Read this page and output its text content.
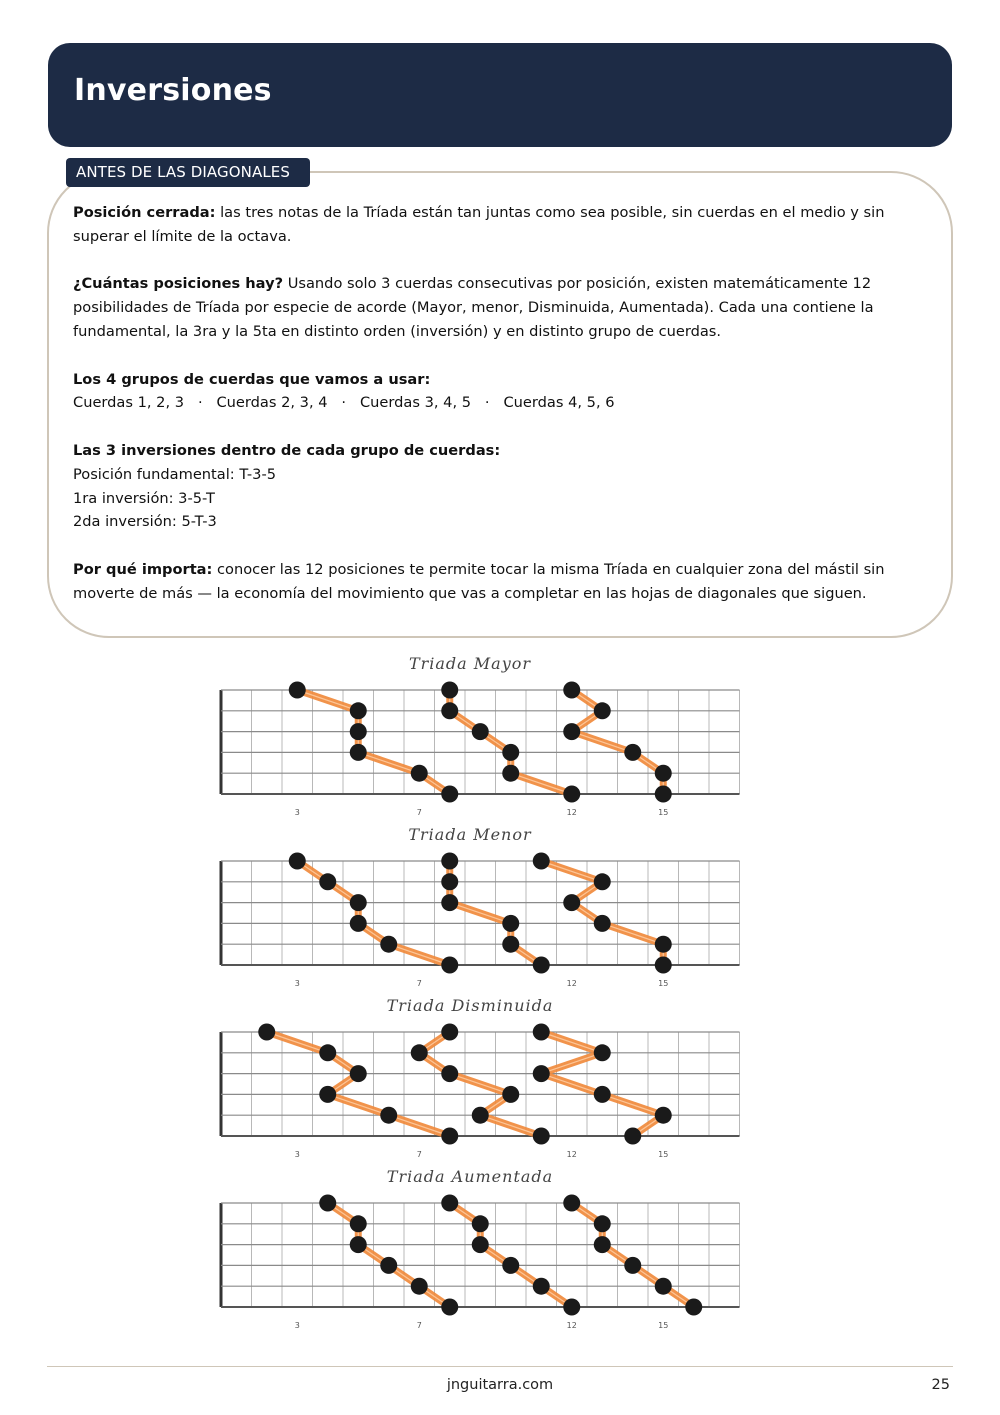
Inversiones
ANTES DE LAS DIAGONALES

Posición cerrada: las tres notas de la Tríada están tan juntas como sea posible, sin cuerdas en el medio y sin superar el límite de la octava.

¿Cuántas posiciones hay? Usando solo 3 cuerdas consecutivas por posición, existen matemáticamente 12 posibilidades de Tríada por especie de acorde (Mayor, menor, Disminuida, Aumentada). Cada una contiene la fundamental, la 3ra y la 5ta en distinto orden (inversión) y en distinto grupo de cuerdas.

Los 4 grupos de cuerdas que vamos a usar:
Cuerdas 1, 2, 3   ·   Cuerdas 2, 3, 4   ·   Cuerdas 3, 4, 5   ·   Cuerdas 4, 5, 6

Las 3 inversiones dentro de cada grupo de cuerdas:
Posición fundamental: T-3-5
1ra inversión: 3-5-T
2da inversión: 5-T-3

Por qué importa: conocer las 12 posiciones te permite tocar la misma Tríada en cualquier zona del mástil sin moverte de más — la economía del movimiento que vas a completar en las hojas de diagonales que siguen.

Triada Mayor
3	7	12	15
Triada Menor
3	7	12	15
Triada Disminuida
3	7	12	15
Triada Aumentada
3	7	12	15
jnguitarra.com	25
